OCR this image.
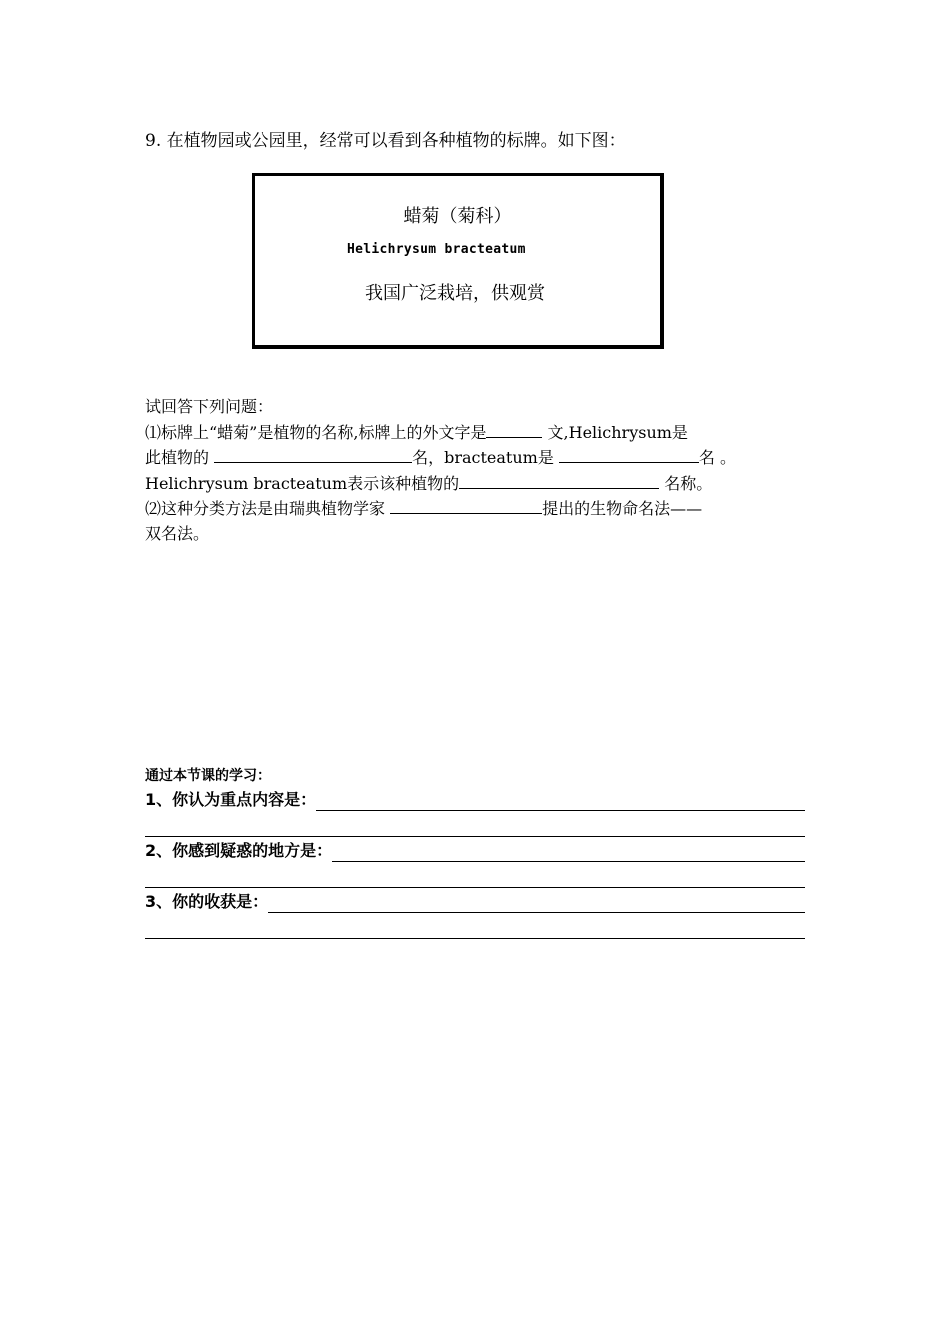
9. 在植物园或公园里，经常可以看到各种植物的标牌。如下图：
蜡菊（菊科）
Helichrysum bracteatum
我国广泛栽培，供观赏
试回答下列问题：
⑴标牌上“蜡菊”是植物的名称,标牌上的外文字是	文,Helichrysum是
此植物的	名，bracteatum是	名 。
Helichrysum bracteatum表示该种植物的	名称。
⑵这种分类方法是由瑞典植物学家	提出的生物命名法——
双名法。
通过本节课的学习：
1、你认为重点内容是：
2、你感到疑惑的地方是：
3、你的收获是：
